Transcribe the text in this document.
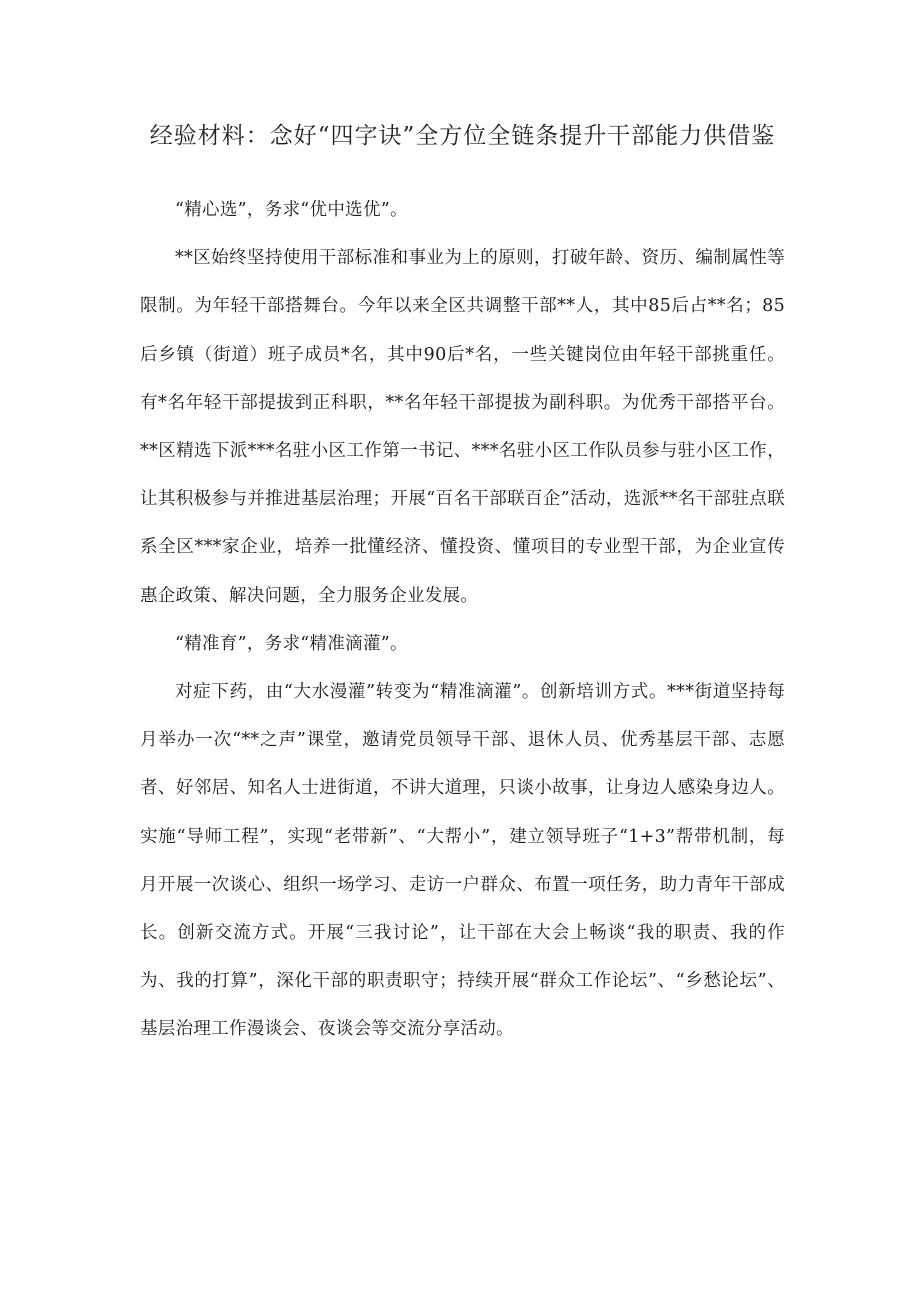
经验材料：念好“四字诀”全方位全链条提升干部能力供借鉴

“精心选”，务求“优中选优”。

**区始终坚持使用干部标准和事业为上的原则，打破年龄、资历、编制属性等限制。为年轻干部搭舞台。今年以来全区共调整干部**人，其中85后占**名；85后乡镇（街道）班子成员*名，其中90后*名，一些关键岗位由年轻干部挑重任。有*名年轻干部提拔到正科职，**名年轻干部提拔为副科职。为优秀干部搭平台。**区精选下派***名驻小区工作第一书记、***名驻小区工作队员参与驻小区工作，让其积极参与并推进基层治理；开展“百名干部联百企”活动，选派**名干部驻点联系全区***家企业，培养一批懂经济、懂投资、懂项目的专业型干部，为企业宣传惠企政策、解决问题，全力服务企业发展。

“精准育”，务求“精准滴灌”。

对症下药，由“大水漫灌”转变为“精准滴灌”。创新培训方式。***街道坚持每月举办一次“**之声”课堂，邀请党员领导干部、退休人员、优秀基层干部、志愿者、好邻居、知名人士进街道，不讲大道理，只谈小故事，让身边人感染身边人。实施“导师工程”，实现“老带新”、“大帮小”，建立领导班子“1+3”帮带机制，每月开展一次谈心、组织一场学习、走访一户群众、布置一项任务，助力青年干部成长。创新交流方式。开展“三我讨论”，让干部在大会上畅谈“我的职责、我的作为、我的打算”，深化干部的职责职守；持续开展“群众工作论坛”、“乡愁论坛”、基层治理工作漫谈会、夜谈会等交流分享活动。
